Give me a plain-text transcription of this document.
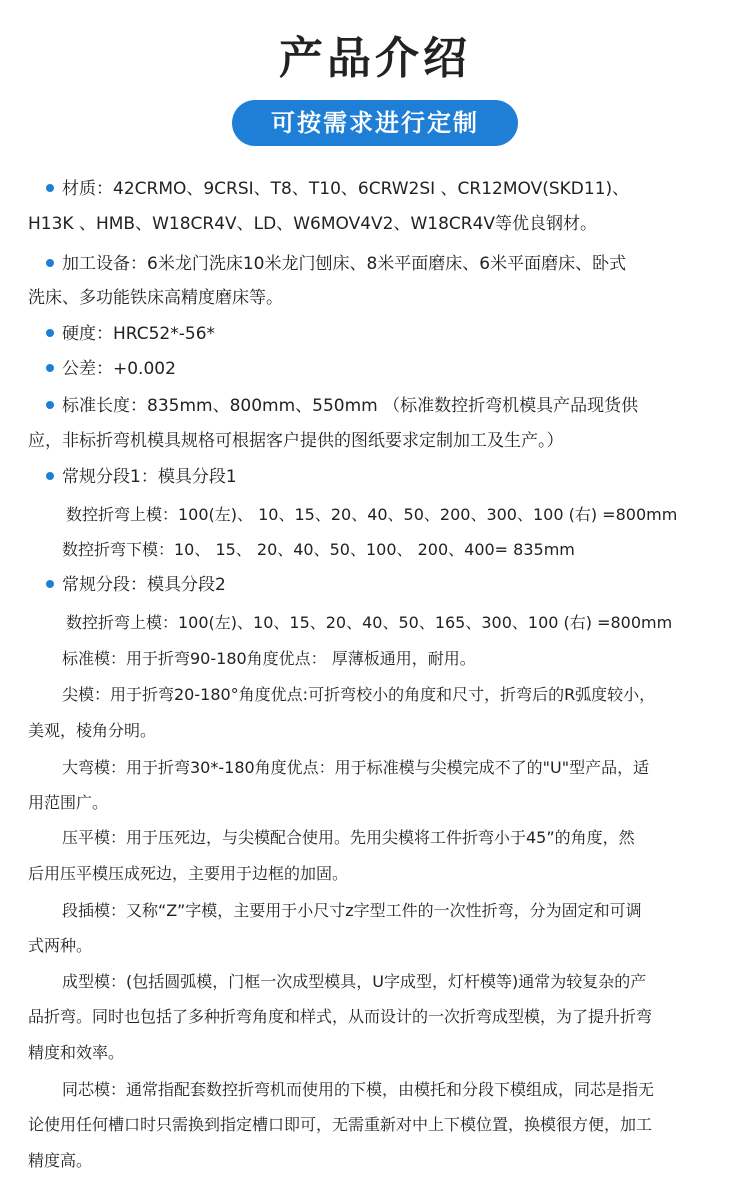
产品介绍
可按需求进行定制
材质：42CRMO、9CRSI、T8、T10、6CRW2SI 、CR12MOV(SKD11)、
H13K 、HMB、W18CR4V、LD、W6MOV4V2、W18CR4V等优良钢材。
加工设备：6米龙门洗床10米龙门刨床、8米平面磨床、6米平面磨床、卧式
洗床、多功能铁床高精度磨床等。
硬度：HRC52*-56*
公差：+0.002
标准长度：835mm、800mm、550mm （标准数控折弯机模具产品现货供
应，非标折弯机模具规格可根据客户提供的图纸要求定制加工及生产。）
常规分段1：模具分段1
数控折弯上模：100(左)、 10、15、20、40、50、200、300、100 (右) =800mm
数控折弯下模：10、 15、 20、40、50、100、 200、400= 835mm
常规分段：模具分段2
数控折弯上模：100(左)、10、15、20、40、50、165、300、100 (右) =800mm
标准模：用于折弯90-180角度优点： 厚薄板通用，耐用。
尖模：用于折弯20-180°角度优点:可折弯校小的角度和尺寸，折弯后的R弧度较小，
美观，棱角分明。
大弯模：用于折弯30*-180角度优点：用于标准模与尖模完成不了的"U"型产品，适
用范围广。
压平模：用于压死边，与尖模配合使用。先用尖模将工件折弯小于45”的角度，然
后用压平模压成死边，主要用于边框的加固。
段插模：又称“Z”字模，主要用于小尺寸z字型工件的一次性折弯，分为固定和可调
式两种。
成型模：(包括圆弧模，门框一次成型模具，U字成型，灯杆模等)通常为较复杂的产
品折弯。同时也包括了多种折弯角度和样式，从而设计的一次折弯成型模，为了提升折弯
精度和效率。
同芯模：通常指配套数控折弯机而使用的下模，由模托和分段下模组成，同芯是指无
论使用任何槽口时只需换到指定槽口即可，无需重新对中上下模位置，换模很方便，加工
精度高。
